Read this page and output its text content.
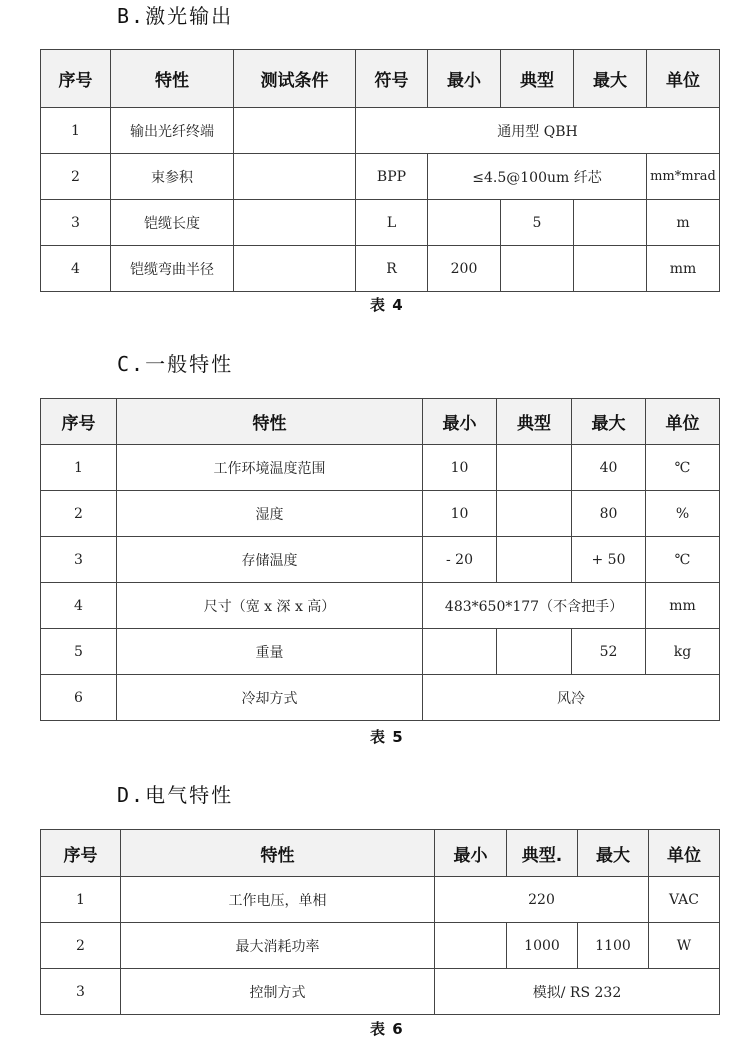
B.激光输出
序号	特性	测试条件	符号	最小	典型	最大	单位
1	输出光纤终端		通用型 QBH				
2	束参积		BPP	≤4.5@100um 纤芯			mm*mrad
3	铠缆长度		L		5		m
4	铠缆弯曲半径		R	200			mm
表 4
C.一般特性
序号	特性	最小	典型	最大	单位
1	工作环境温度范围	10		40	℃
2	湿度	10		80	%
3	存储温度	- 20		+ 50	℃
4	尺寸（宽 x 深 x 高）	483*650*177（不含把手）			mm
5	重量			52	kg
6	冷却方式	风冷			
表 5
D.电气特性
序号	特性	最小	典型.	最大	单位
1	工作电压，单相	220			VAC
2	最大消耗功率		1000	1100	W
3	控制方式	模拟/ RS 232			
表 6
